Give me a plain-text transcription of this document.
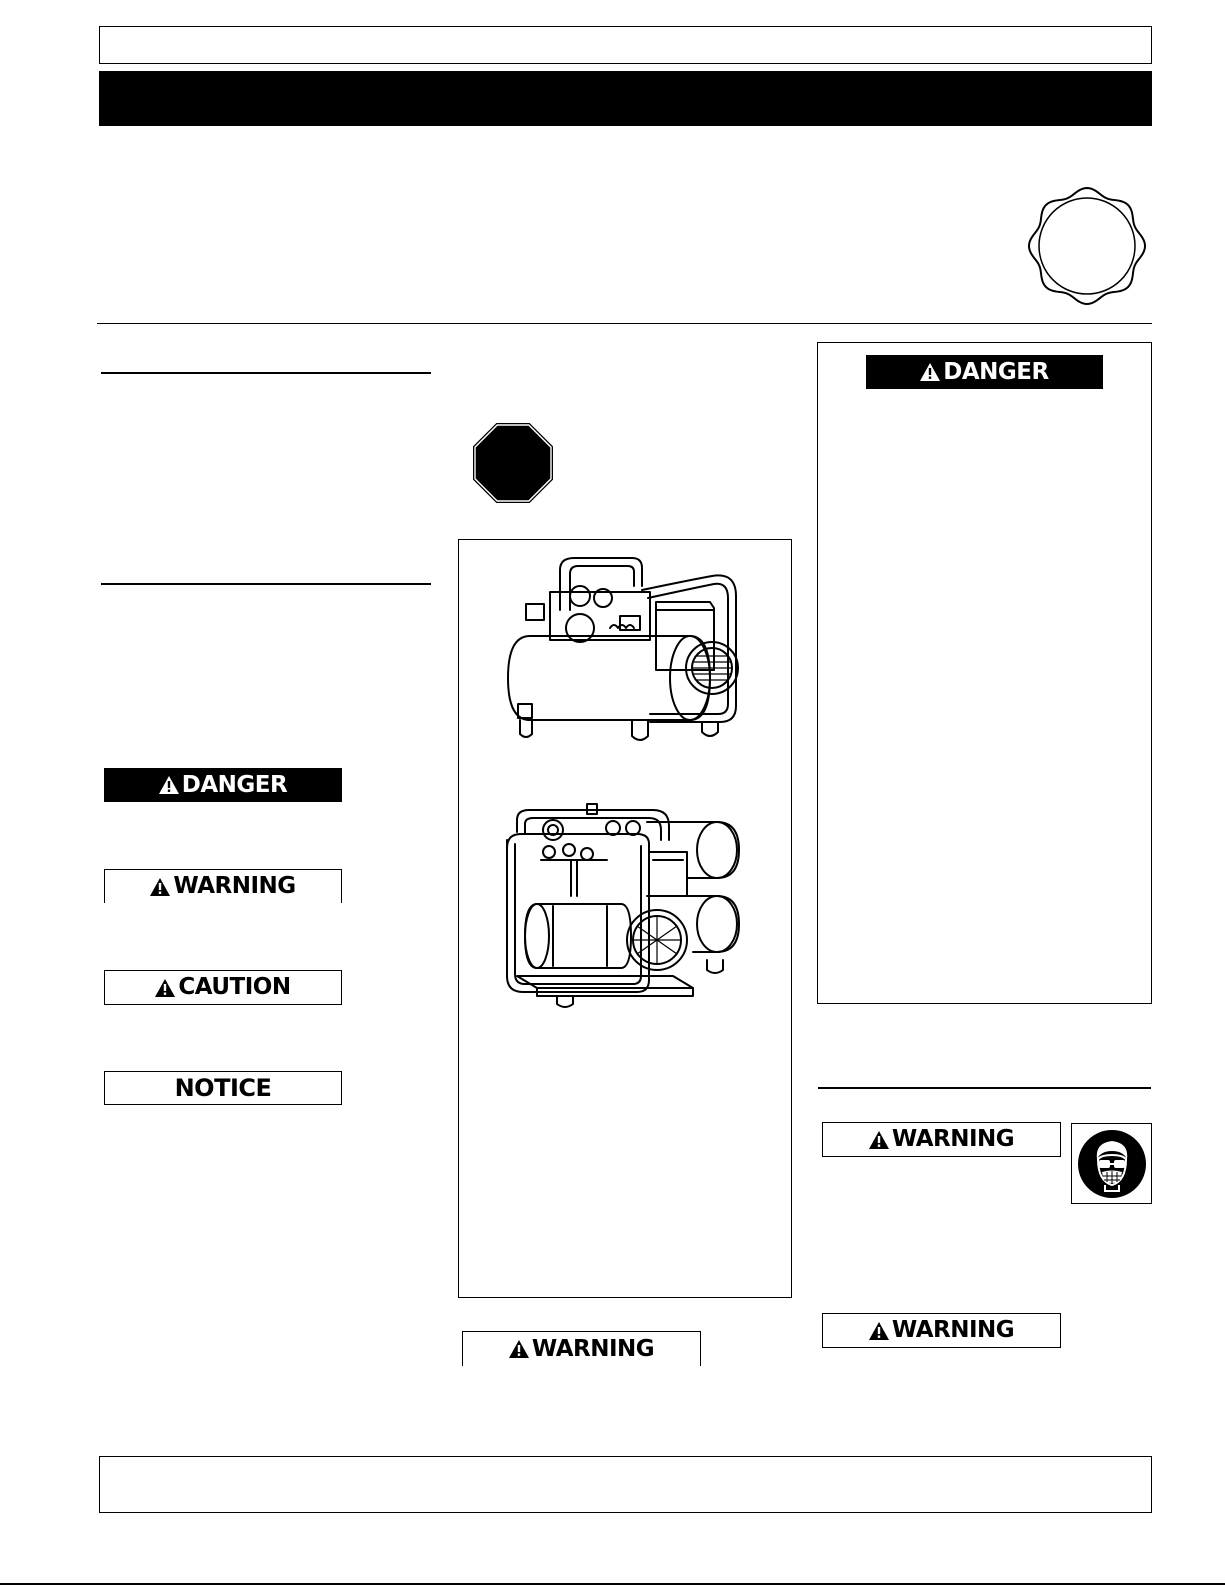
DANGER
WARNING
CAUTION
NOTICE
WARNING
DANGER
WARNING
WARNING
